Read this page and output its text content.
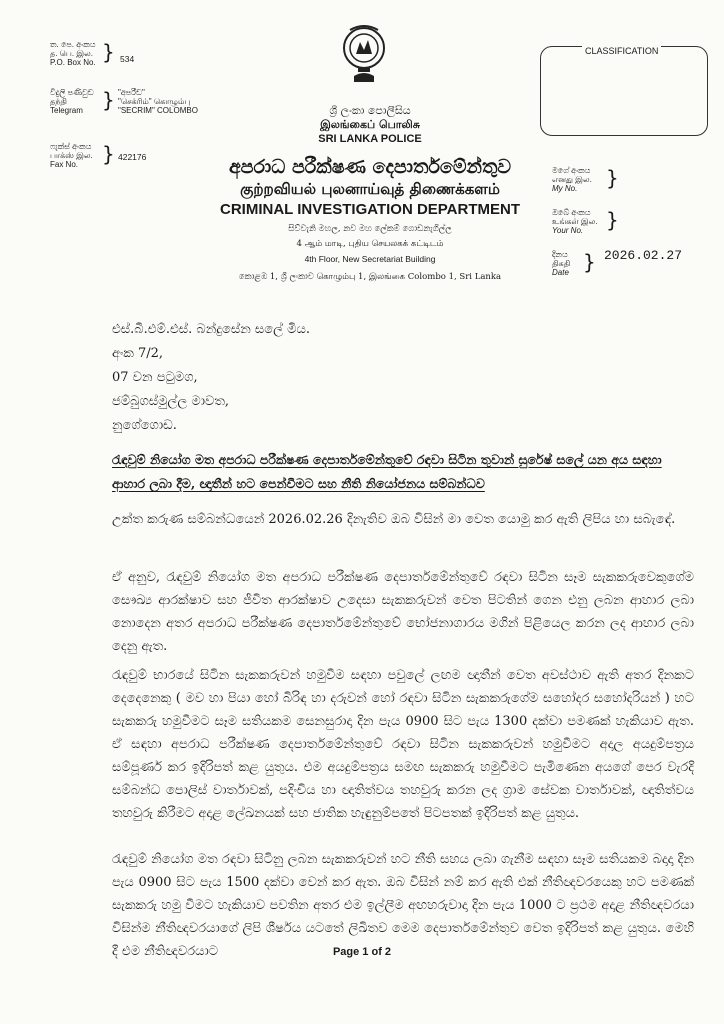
ත. පෙ. අංකය
த. பெ. இல.
P.O. Box No. } 534
විදුලි පණිවුඩ
தந்தி
Telegram } "අපරීඩ"
"செக்ரிம்" கொழும்பு
"SECRIM" COLOMBO
ෆැක්ස් අංකය
பாக்ஸ் இல.
Fax No.	} 422176
ශ්‍රී ලංකා පොලීසිය
இலங்கைப் பொலிசு
SRI LANKA POLICE
අපරාධ පරීක්ෂණ දෙපාර්තමේන්තුව
குற்றவியல் புலனாய்வுத் திணைக்களம்
CRIMINAL INVESTIGATION DEPARTMENT
සිව්වැනි මහල, නව මහ ලේකම් ගොඩනැගිල්ල
4 ஆம் மாடி, புதிய செயலகக் கட்டிடம்
4th Floor, New Secretariat Building
කොළඹ 1, ශ්‍රී ලංකාව கொழும்பு 1, இலங்கை Colombo 1, Sri Lanka
CLASSIFICATION
මගේ අංකය
எனது இல.
My No.	}
ඔබේ අංකය
உங்கள் இல.
Your No.	}
දිනය
திகதி
Date } 2026.02.27

එස්.බී.එම්.එස්. බන්දුසේන සලේ මිය.

අංක 7/2,

07 වන පටුමග,

ජම්බුගස්මුල්ල මාවත,

නුගේගොඩ.

රැඳවුම් නියෝග මත අපරාධ පරීක්ෂණ දෙපාර්තමේන්තුවේ රඳවා සිටින තුවාන් සුරේෂ් සලේ යන අය සඳහා ආහාර ලබා දීම, ඥාතීන් හට පෙන්වීමට සහ නීති නියෝජනය සම්බන්ධව
උක්ත කරුණ සම්බන්ධයෙන් 2026.02.26 දිනැතිව ඔබ විසින් මා වෙත යොමු කර ඇති ලිපිය හා සබැඳේ.
ඒ අනුව, රැඳවුම් නියෝග මත අපරාධ පරීක්ෂණ දෙපාර්තමේන්තුවේ රඳවා සිටින සෑම සැකකරුවෙකුගේම සෞඛ්‍ය ආරක්ෂාව සහ ජීවිත ආරක්ෂාව උදෙසා සැකකරුවන් වෙත පිටතින් ගෙන එනු ලබන ආහාර ලබා නොදෙන අතර අපරාධ පරීක්ෂණ දෙපාර්තමේන්තුවේ භෝජනාගාරය මගින් පිළියෙල කරන ලද ආහාර ලබා දෙනු ඇත.
රැඳවුම් භාරයේ සිටින සැකකරුවන් හමුවීම සඳහා පවුලේ ලඟම ඥාතීන් වෙත අවස්ථාව ඇති අතර දිනකට දෙදෙනෙකු ( මව හා පියා හෝ බිරිඳ හා දරුවන් හෝ රඳවා සිටින සැකකරුගේම සහෝදර සහෝදරියන් ) හට සැකකරු හමුවීමට සෑම සතියකම සෙනසුරාදා දින පැය 0900 සිට පැය 1300 දක්වා පමණක් හැකියාව ඇත. ඒ සඳහා අපරාධ පරීක්ෂණ දෙපාර්තමේන්තුවේ රඳවා සිටින සැකකරුවන් හමුවීමට අදාල අයදුම්පත්‍රය සම්පූර්ණ කර ඉදිරිපත් කළ යුතුය. එම අයදුම්පත්‍රය සමඟ සැකකරු හමුවීමට පැමිණෙන අයගේ පෙර වැරදි සම්බන්ධ පොලිස් වාර්තාවක්, පදිංචිය හා ඥාතිත්වය තහවුරු කරන ලද ග්‍රාම සේවක වාර්තාවක්, ඥාතිත්වය තහවුරු කිරීමට අදාළ ලේඛනයක් සහ ජාතික හැඳුනුම්පතේ පිටපතක් ඉදිරිපත් කළ යුතුය.
රැඳවුම් නියෝග මත රඳවා සිටිනු ලබන සැකකරුවන් හට නීති සහය ලබා ගැනීම සඳහා සෑම සතියකම බදාදා දින පැය 0900 සිට පැය 1500 දක්වා වෙන් කර ඇත. ඔබ විසින් නම් කර ඇති එක් නීතිඥවරයෙකු හට පමණක් සැකකරු හමු වීමට හැකියාව පවතින අතර එම ඉල්ලීම අඟහරුවාදා දින පැය 1000 ට ප්‍රථම අදාළ නීතිඥවරයා විසින්ම නීතිඥවරයාගේ ලිපි ශීර්ෂය යටතේ ලිඛිතව මෙම දෙපාර්තමේන්තුව වෙත ඉදිරිපත් කළ යුතුය. මෙහි දී එම නීතිඥවරයාට	Page 1 of 2
